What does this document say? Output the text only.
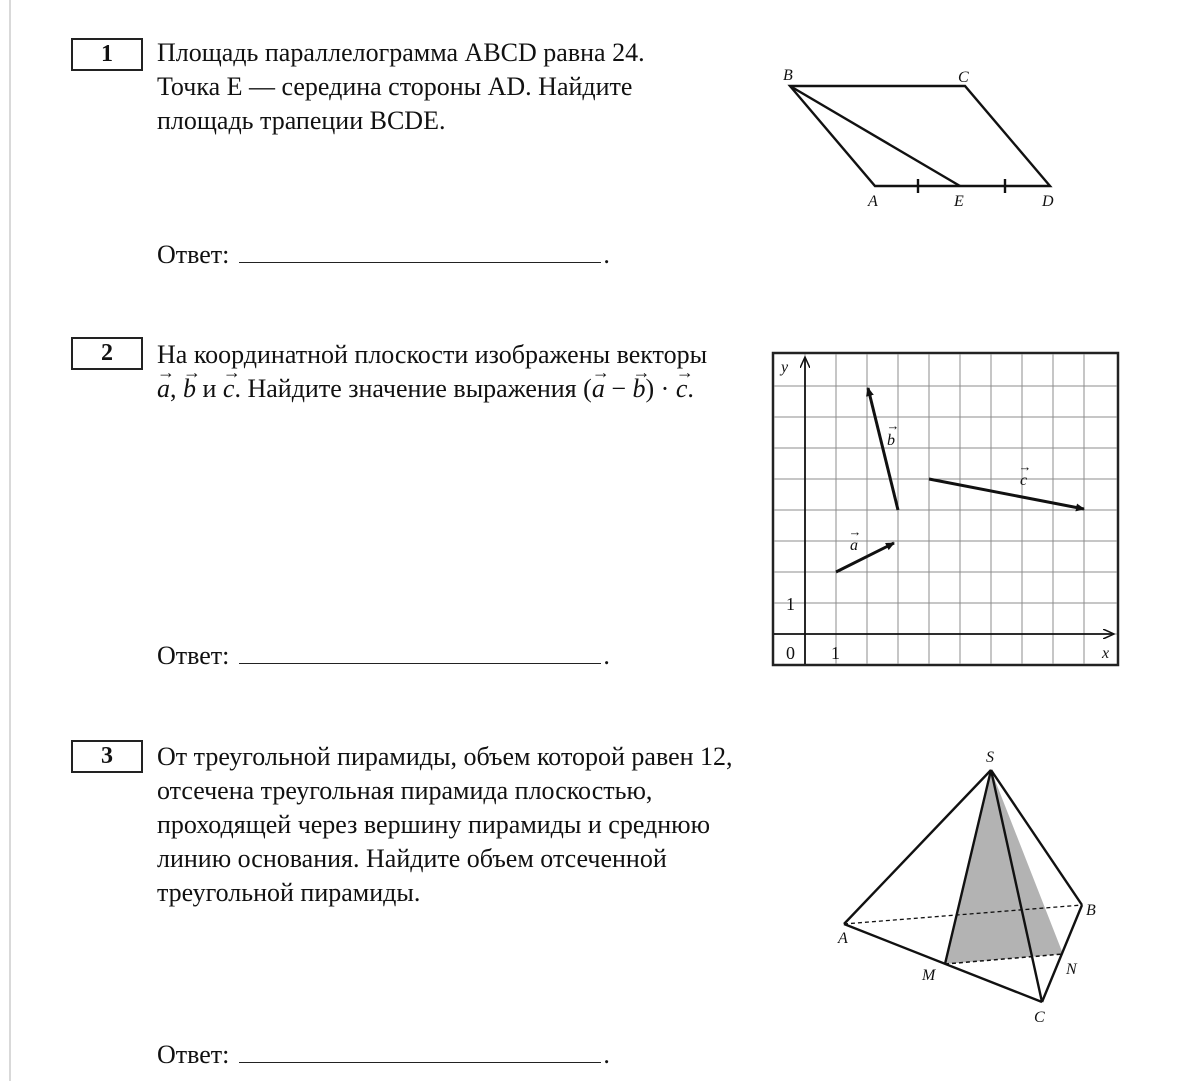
1	Площадь параллелограмма ABCD равна 24.
Точка E — середина стороны AD. Найдите
площадь трапеции BCDE.

Ответ:	.
B	C
A	E	D
2	На координатной плоскости изображены векторы
→ a, → b и → c. Найдите значение выражения (→ a − → b) · → c.
Ответ:	.
y
x
a
b
c
→
→
→
0 1
1
3	От треугольной пирамиды, объем которой равен 12,
отсечена треугольная пирамида плоскостью,
проходящей через вершину пирамиды и среднюю
линию основания. Найдите объем отсеченной
треугольной пирамиды.

Ответ:	.
S
A
B
C
M	N
